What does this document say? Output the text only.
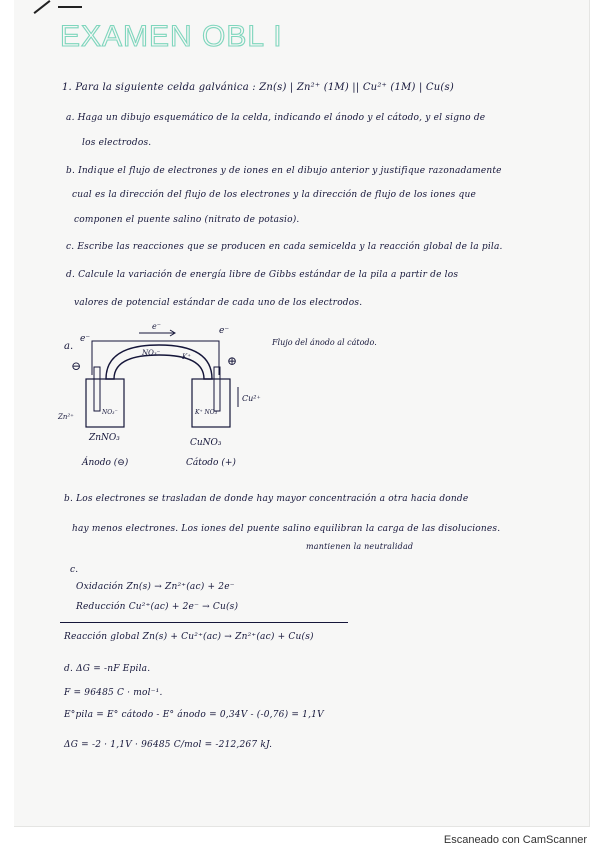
EXAMEN OBL I
1. Para la siguiente celda galvánica : Zn(s) | Zn²⁺ (1M) || Cu²⁺ (1M) | Cu(s)
a. Haga un dibujo esquemático de la celda, indicando el ánodo y el cátodo, y el signo de
los electrodos.
b. Indique el flujo de electrones y de iones en el dibujo anterior y justifique razonadamente
cual es la dirección del flujo de los electrones y la dirección de flujo de los iones que
componen el puente salino (nitrato de potasio).
c. Escribe las reacciones que se producen en cada semicelda y la reacción global de la pila.
d. Calcule la variación de energía libre de Gibbs estándar de la pila a partir de los
valores de potencial estándar de cada uno de los electrodos.
a.
e⁻
e⁻
e⁻
NO₃⁻	K⁺
⊖	⊕
NO₃⁻
Zn²⁺
K⁺ NO₃⁻
Cu²⁺
ZnNO₃	CuNO₃
Ánodo (⊖)	Cátodo (+)
Flujo del ánodo al cátodo.
b. Los electrones se trasladan de donde hay mayor concentración a otra hacia donde
hay menos electrones. Los iones del puente salino equilibran la carga de las disoluciones.
mantienen la neutralidad
c.
Oxidación Zn(s) → Zn²⁺(ac) + 2e⁻
Reducción Cu²⁺(ac) + 2e⁻ → Cu(s)
Reacción global Zn(s) + Cu²⁺(ac) → Zn²⁺(ac) + Cu(s)
d. ΔG = -nF Epila.
F = 96485 C · mol⁻¹.
E°pila = E° cátodo - E° ánodo = 0,34V - (-0,76) = 1,1V
ΔG = -2 · 1,1V · 96485 C/mol = -212,267 kJ.
Escaneado con CamScanner
